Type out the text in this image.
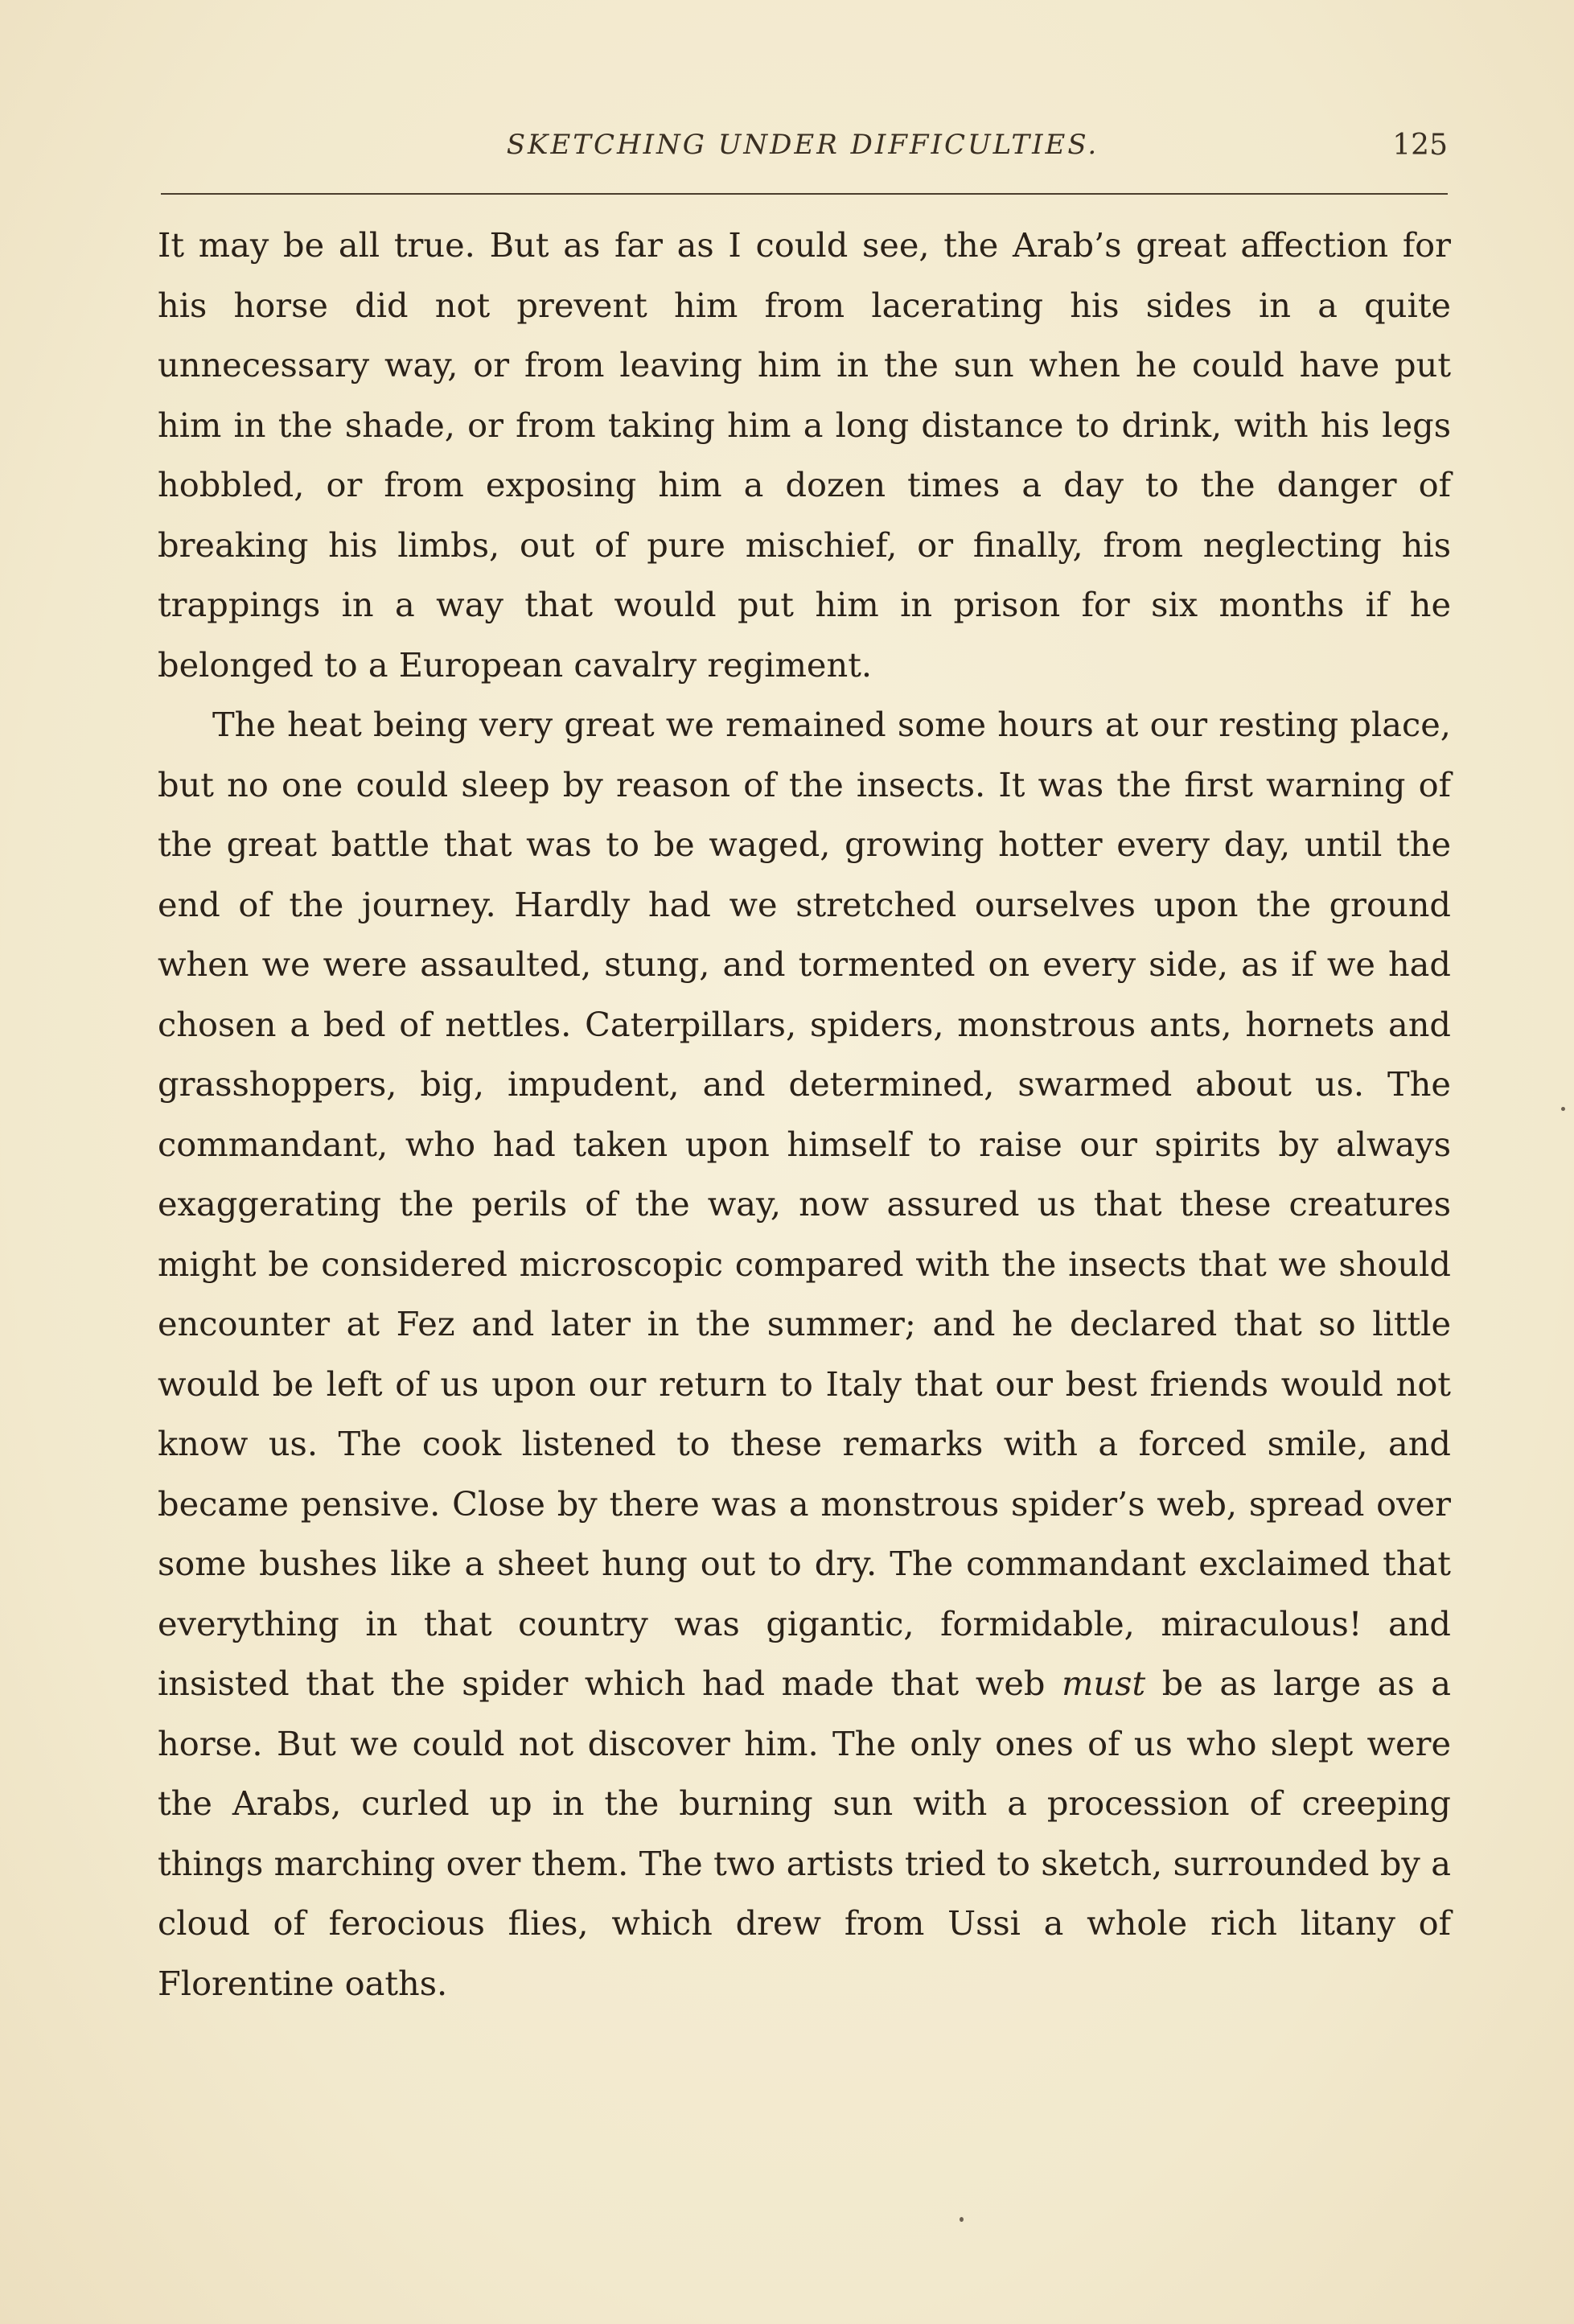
SKETCHING UNDER DIFFICULTIES.	125

It may be all true. But as far as I could see, the Arab’s great affection for his horse did not prevent him from lacerating his sides in a quite unnecessary way, or from leaving him in the sun when he could have put him in the shade, or from taking him a long distance to drink, with his legs hobbled, or from exposing him a dozen times a day to the danger of breaking his limbs, out of pure mischief, or finally, from neglecting his trappings in a way that would put him in prison for six months if he belonged to a European cavalry regiment.

The heat being very great we remained some hours at our resting place, but no one could sleep by reason of the insects. It was the first warning of the great battle that was to be waged, growing hotter every day, until the end of the journey. Hardly had we stretched ourselves upon the ground when we were assaulted, stung, and tormented on every side, as if we had chosen a bed of nettles. Caterpillars, spiders, monstrous ants, hornets and grasshoppers, big, impudent, and determined, swarmed about us. The commandant, who had taken upon himself to raise our spirits by always exaggerating the perils of the way, now assured us that these creatures might be considered microscopic compared with the insects that we should encounter at Fez and later in the summer; and he declared that so little would be left of us upon our return to Italy that our best friends would not know us. The cook listened to these remarks with a forced smile, and became pensive. Close by there was a monstrous spider’s web, spread over some bushes like a sheet hung out to dry. The commandant exclaimed that everything in that country was gigantic, formidable, miraculous! and insisted that the spider which had made that web must be as large as a horse. But we could not discover him. The only ones of us who slept were the Arabs, curled up in the burning sun with a procession of creeping things marching over them. The two artists tried to sketch, surrounded by a cloud of ferocious flies, which drew from Ussi a whole rich litany of Florentine oaths.
